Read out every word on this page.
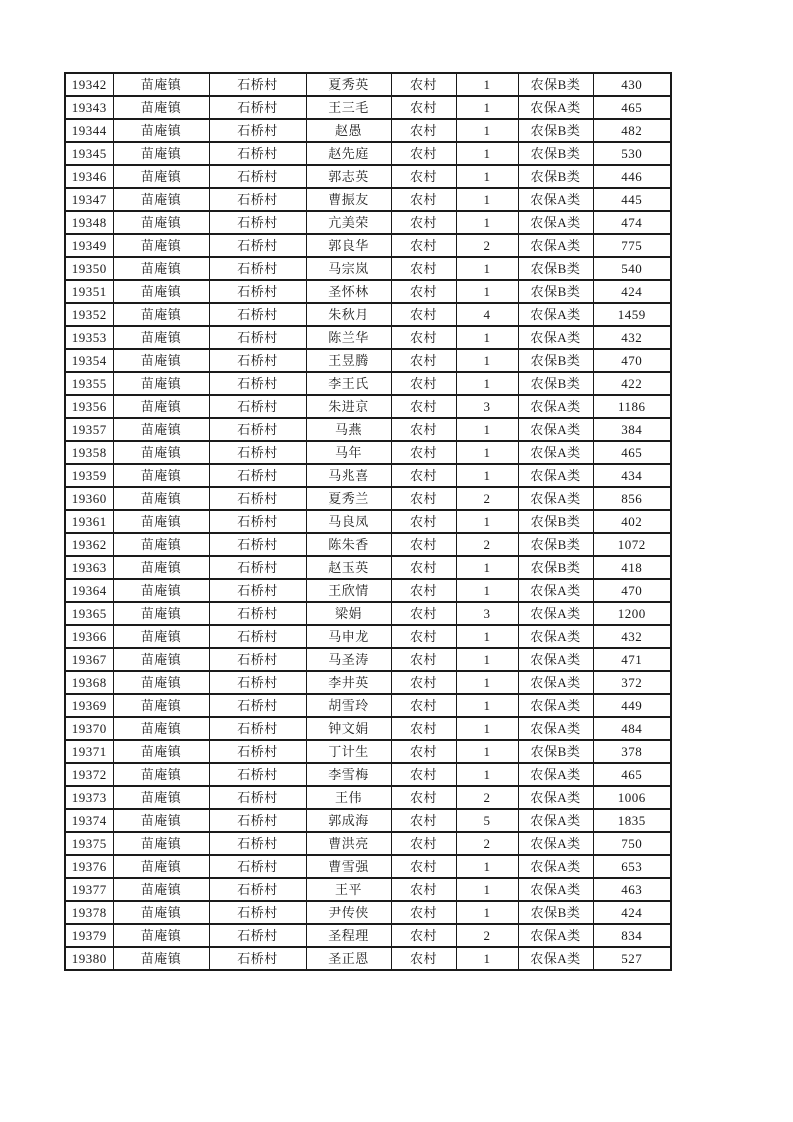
19342	苗庵镇	石桥村	夏秀英	农村	1	农保B类	430
19343	苗庵镇	石桥村	王三毛	农村	1	农保A类	465
19344	苗庵镇	石桥村	赵愚	农村	1	农保B类	482
19345	苗庵镇	石桥村	赵先庭	农村	1	农保B类	530
19346	苗庵镇	石桥村	郭志英	农村	1	农保B类	446
19347	苗庵镇	石桥村	曹振友	农村	1	农保A类	445
19348	苗庵镇	石桥村	亢美荣	农村	1	农保A类	474
19349	苗庵镇	石桥村	郭良华	农村	2	农保A类	775
19350	苗庵镇	石桥村	马宗岚	农村	1	农保B类	540
19351	苗庵镇	石桥村	圣怀林	农村	1	农保B类	424
19352	苗庵镇	石桥村	朱秋月	农村	4	农保A类	1459
19353	苗庵镇	石桥村	陈兰华	农村	1	农保A类	432
19354	苗庵镇	石桥村	王昱腾	农村	1	农保B类	470
19355	苗庵镇	石桥村	李王氏	农村	1	农保B类	422
19356	苗庵镇	石桥村	朱进京	农村	3	农保A类	1186
19357	苗庵镇	石桥村	马燕	农村	1	农保A类	384
19358	苗庵镇	石桥村	马年	农村	1	农保A类	465
19359	苗庵镇	石桥村	马兆喜	农村	1	农保A类	434
19360	苗庵镇	石桥村	夏秀兰	农村	2	农保A类	856
19361	苗庵镇	石桥村	马良凤	农村	1	农保B类	402
19362	苗庵镇	石桥村	陈朱香	农村	2	农保B类	1072
19363	苗庵镇	石桥村	赵玉英	农村	1	农保B类	418
19364	苗庵镇	石桥村	王欣情	农村	1	农保A类	470
19365	苗庵镇	石桥村	梁娟	农村	3	农保A类	1200
19366	苗庵镇	石桥村	马申龙	农村	1	农保A类	432
19367	苗庵镇	石桥村	马圣涛	农村	1	农保A类	471
19368	苗庵镇	石桥村	李井英	农村	1	农保A类	372
19369	苗庵镇	石桥村	胡雪玲	农村	1	农保A类	449
19370	苗庵镇	石桥村	钟文娟	农村	1	农保A类	484
19371	苗庵镇	石桥村	丁计生	农村	1	农保B类	378
19372	苗庵镇	石桥村	李雪梅	农村	1	农保A类	465
19373	苗庵镇	石桥村	王伟	农村	2	农保A类	1006
19374	苗庵镇	石桥村	郭成海	农村	5	农保A类	1835
19375	苗庵镇	石桥村	曹洪亮	农村	2	农保A类	750
19376	苗庵镇	石桥村	曹雪强	农村	1	农保A类	653
19377	苗庵镇	石桥村	王平	农村	1	农保A类	463
19378	苗庵镇	石桥村	尹传侠	农村	1	农保B类	424
19379	苗庵镇	石桥村	圣程理	农村	2	农保A类	834
19380	苗庵镇	石桥村	圣正恩	农村	1	农保A类	527
